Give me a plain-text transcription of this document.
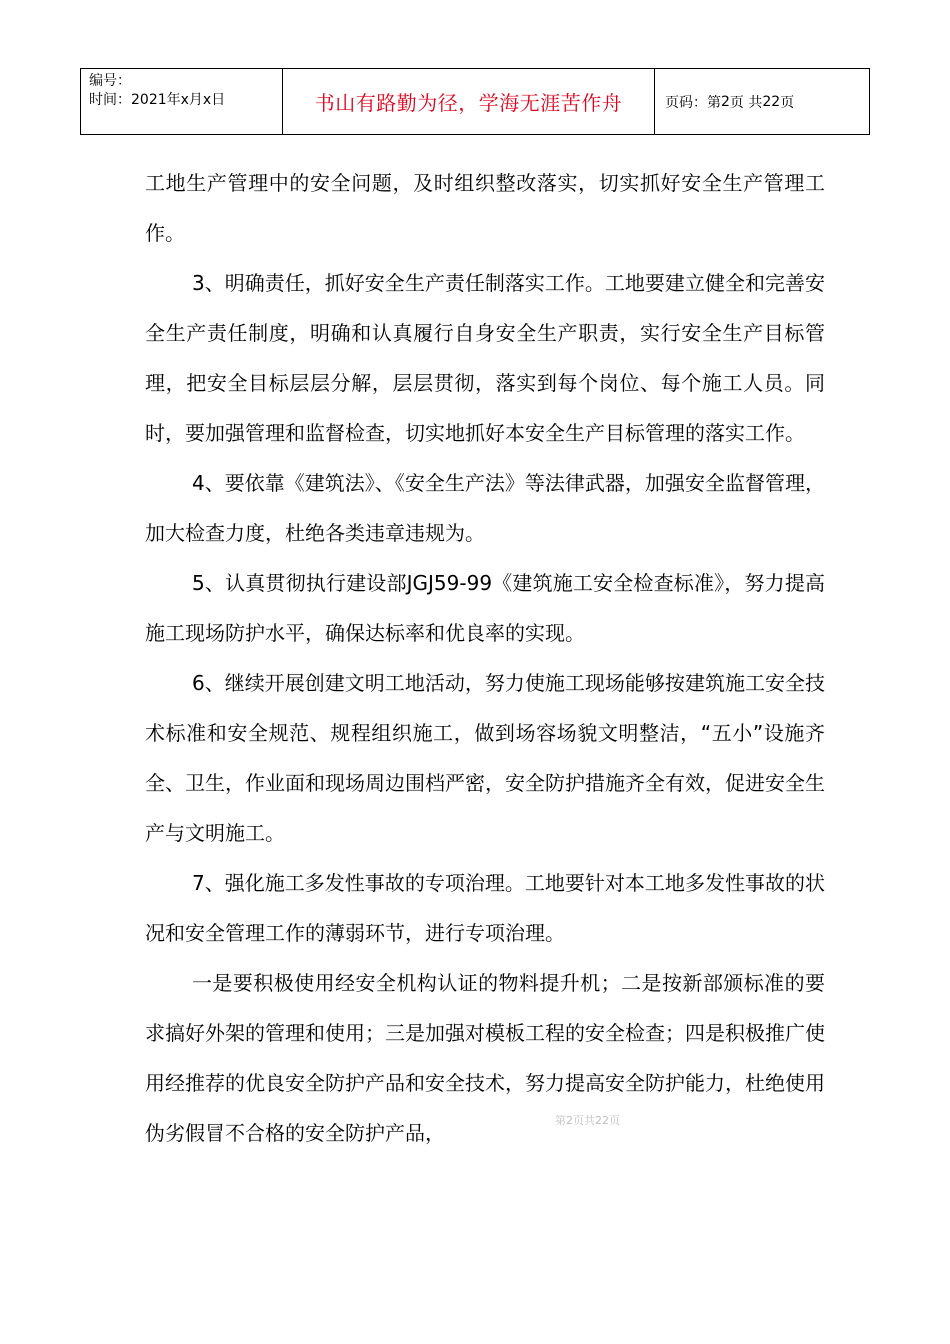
编号：
时间：2021年x月x日	书山有路勤为径，学海无涯苦作舟	页码：第 2 页 共 22 页

工地生产管理中的安全问题，及时组织整改落实，切实抓好安全生产管理工作。

3、明确责任，抓好安全生产责任制落实工作。工地要建立健全和完善安全生产责任制度，明确和认真履行自身安全生产职责，实行安全生产目标管理，把安全目标层层分解，层层贯彻，落实到每个岗位、每个施工人员。同时，要加强管理和监督检查，切实地抓好本安全生产目标管理的落实工作。

4、要依靠《建筑法》、《安全生产法》等法律武器，加强安全监督管理，加大检查力度，杜绝各类违章违规为。

5、认真贯彻执行建设部JGJ59-99《建筑施工安全检查标准》，努力提高施工现场防护水平，确保达标率和优良率的实现。

6、继续开展创建文明工地活动，努力使施工现场能够按建筑施工安全技术标准和安全规范、规程组织施工，做到场容场貌文明整洁，“五小”设施齐全、卫生，作业面和现场周边围档严密，安全防护措施齐全有效，促进安全生产与文明施工。

7、强化施工多发性事故的专项治理。工地要针对本工地多发性事故的状况和安全管理工作的薄弱环节，进行专项治理。

一是要积极使用经安全机构认证的物料提升机；二是按新部颁标准的要求搞好外架的管理和使用；三是加强对模板工程的安全检查；四是积极推广使用经推荐的优良安全防护产品和安全技术，努力提高安全防护能力，杜绝使用伪劣假冒不合格的安全防护产品，

第2页共22页
